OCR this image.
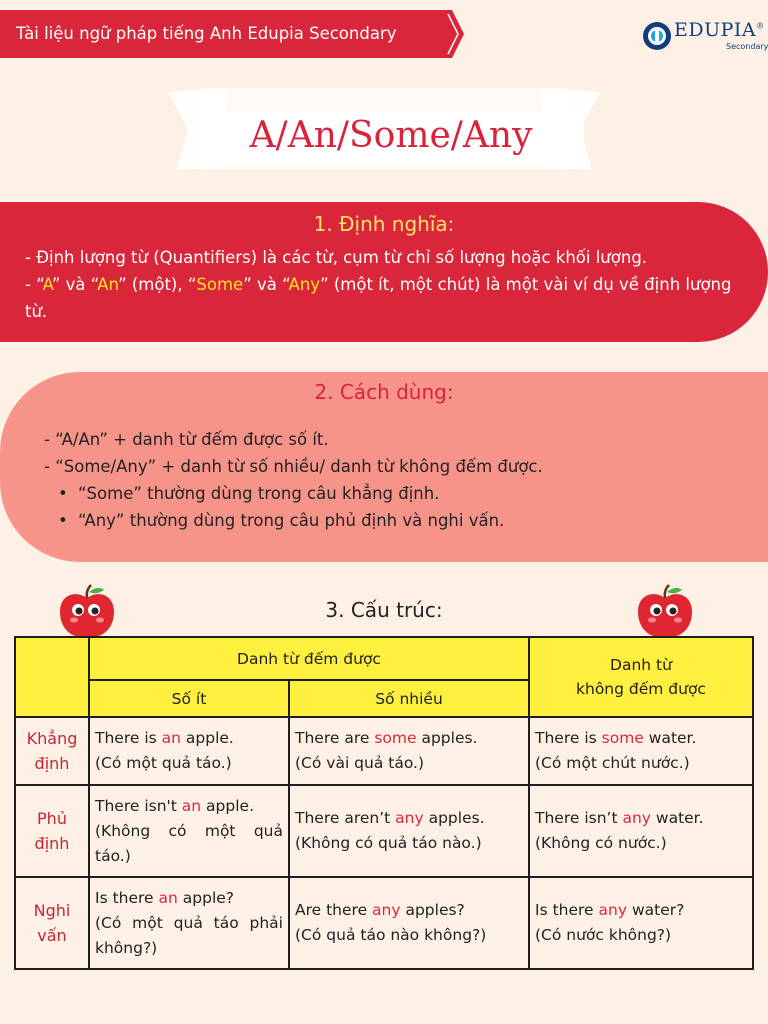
Tài liệu ngữ pháp tiếng Anh Edupia Secondary	EDUPIA®
Secondary
A/An/Some/Any
1. Định nghĩa:
- Định lượng từ (Quantifiers) là các từ, cụm từ chỉ số lượng hoặc khối lượng.
- “A” và “An” (một), “Some” và “Any” (một ít, một chút) là một vài ví dụ về định lượng từ.
2. Cách dùng:
- “A/An” + danh từ đếm được số ít.
- “Some/Any” + danh từ số nhiều/ danh từ không đếm được.
• “Some” thường dùng trong câu khẳng định.
• “Any” thường dùng trong câu phủ định và nghi vấn.
3. Cấu trúc:
	Danh từ đếm được		Danh từ
không đếm được
	Số ít	Số nhiều	
Khẳng
định	There is an apple.
(Có một quả táo.)	There are some apples.
(Có vài quả táo.)	There is some water.
(Có một chút nước.)
Phủ
định	There isn't an apple.
(Không có một quả táo.)	There aren’t any apples.
(Không có quả táo nào.)	There isn’t any water.
(Không có nước.)
Nghi
vấn	Is there an apple?
(Có một quả táo phải không?)	Are there any apples?
(Có quả táo nào không?)	Is there any water?
(Có nước không?)
